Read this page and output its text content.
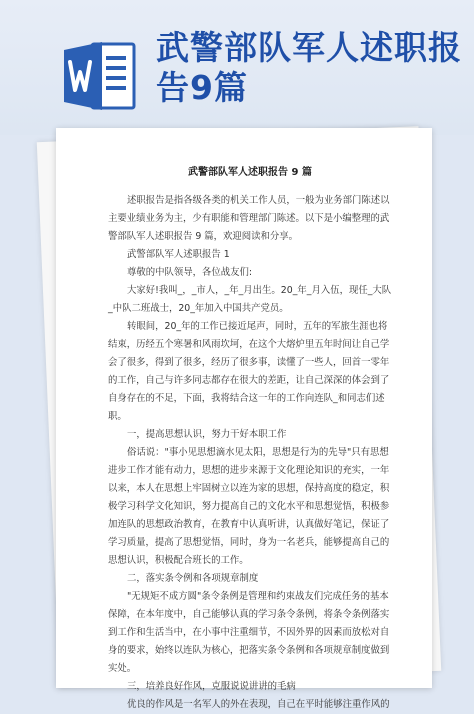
武警部队军人述职报告9篇
武警部队军人述职报告 9 篇

述职报告是指各级各类的机关工作人员，一般为业务部门陈述以主要业绩业务为主，少有职能和管理部门陈述。以下是小编整理的武警部队军人述职报告 9 篇，欢迎阅读和分享。

武警部队军人述职报告 1

尊敬的中队领导，各位战友们:

大家好!我叫_，_市人，_年_月出生。20_年_月入伍，现任_大队_中队二班战士，20_年加入中国共产党员。

转眼间，20_年的工作已接近尾声，同时，五年的军旅生涯也将结束，历经五个寒暑和风雨坎坷，在这个大熔炉里五年时间让自己学会了很多，得到了很多，经历了很多事，读懂了一些人，回首一零年的工作，自己与许多同志都存在很大的差距，让自己深深的体会到了自身存在的不足，下面，我将结合这一年的工作向连队_和同志们述职。

一，提高思想认识，努力干好本职工作

俗话说："事小见思想滴水见太阳，思想是行为的先导"只有思想进步工作才能有动力，思想的进步来源于文化理论知识的充实，一年以来，本人在思想上牢固树立以连为家的思想，保持高度的稳定，积极学习科学文化知识，努力提高自己的文化水平和思想觉悟，积极参加连队的思想政治教育，在教育中认真听讲，认真做好笔记，保证了学习质量，提高了思想觉悟，同时，身为一名老兵，能够提高自己的思想认识，积极配合班长的工作。

二，落实条令例和各项规章制度

"无规矩不成方圆"条令条例是管理和约束战友们完成任务的基本保障，在本年度中，自己能够认真的学习条令条例，将条令条例落实到工作和生活当中，在小事中注重细节，不因外界的因素而放松对自身的要求，始终以连队为核心，把落实条令条例和各项规章制度做到实处。

三，培养良好作风，克服说说讲讲的毛病

优良的作风是一名军人的外在表现，自己在平时能够注重作风的
